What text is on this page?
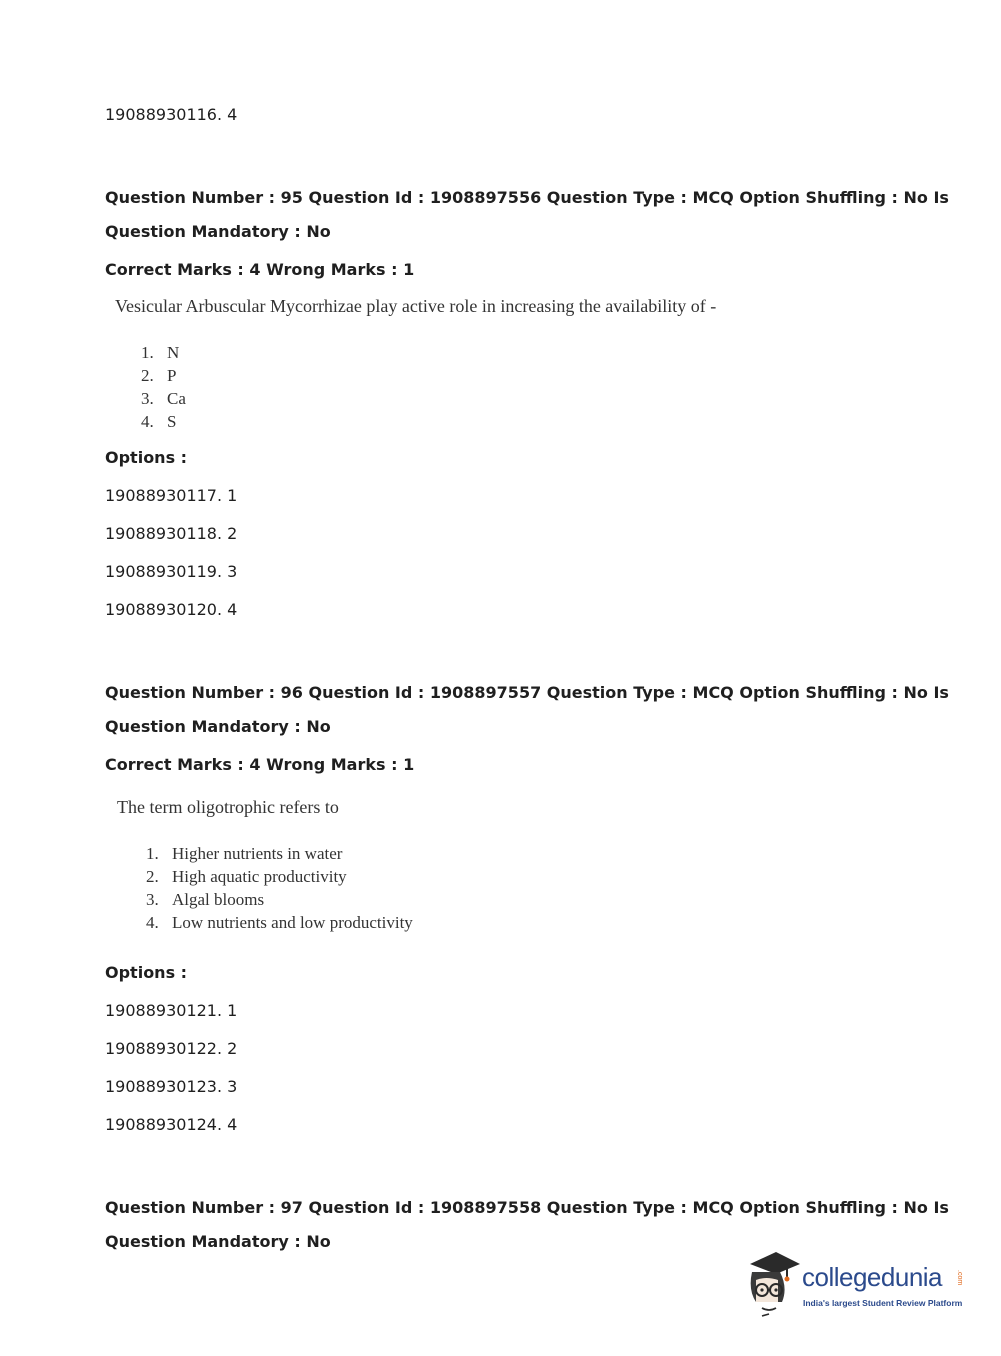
19088930116. 4
Question Number : 95 Question Id : 1908897556 Question Type : MCQ Option Shuffling : No Is
Question Mandatory : No
Correct Marks : 4 Wrong Marks : 1
Vesicular Arbuscular Mycorrhizae play active role in increasing the availability of -
1. N
2. P
3. Ca
4. S
Options :
19088930117. 1
19088930118. 2
19088930119. 3
19088930120. 4
Question Number : 96 Question Id : 1908897557 Question Type : MCQ Option Shuffling : No Is
Question Mandatory : No
Correct Marks : 4 Wrong Marks : 1
The term oligotrophic refers to
1. Higher nutrients in water
2. High aquatic productivity
3. Algal blooms
4. Low nutrients and low productivity
Options :
19088930121. 1
19088930122. 2
19088930123. 3
19088930124. 4
Question Number : 97 Question Id : 1908897558 Question Type : MCQ Option Shuffling : No Is
Question Mandatory : No
collegedunia .com
India's largest Student Review Platform
